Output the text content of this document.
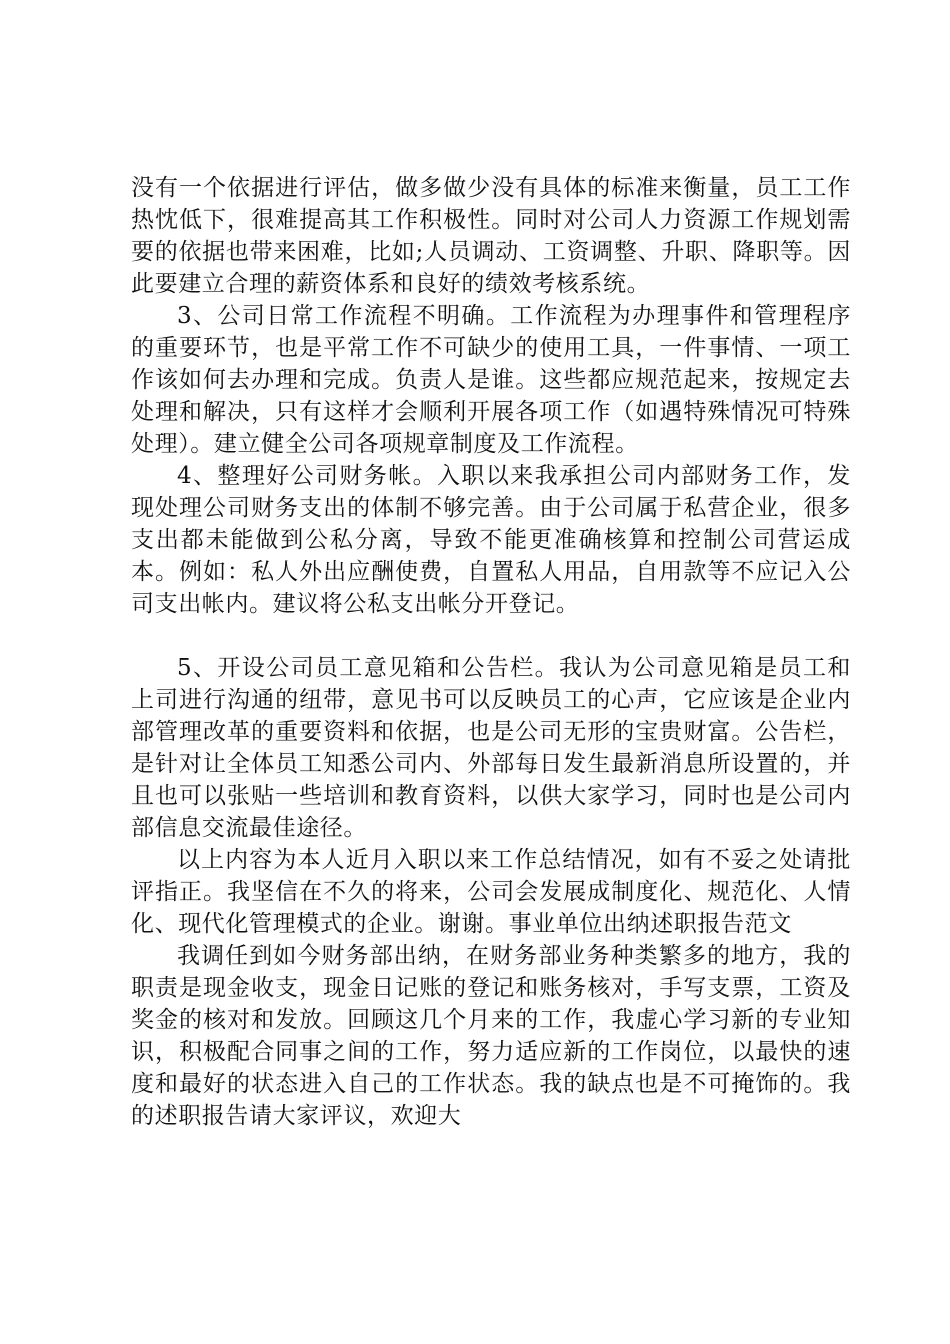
没有一个依据进行评估，做多做少没有具体的标准来衡量，员工工作热忱低下，很难提高其工作积极性。同时对公司人力资源工作规划需要的依据也带来困难，比如;人员调动、工资调整、升职、降职等。因此要建立合理的薪资体系和良好的绩效考核系统。

3、公司日常工作流程不明确。工作流程为办理事件和管理程序的重要环节，也是平常工作不可缺少的使用工具，一件事情、一项工作该如何去办理和完成。负责人是谁。这些都应规范起来，按规定去处理和解决，只有这样才会顺利开展各项工作（如遇特殊情况可特殊处理）。建立健全公司各项规章制度及工作流程。

4、整理好公司财务帐。入职以来我承担公司内部财务工作，发现处理公司财务支出的体制不够完善。由于公司属于私营企业，很多支出都未能做到公私分离，导致不能更准确核算和控制公司营运成本。例如：私人外出应酬使费，自置私人用品，自用款等不应记入公司支出帐内。建议将公私支出帐分开登记。

5、开设公司员工意见箱和公告栏。我认为公司意见箱是员工和上司进行沟通的纽带，意见书可以反映员工的心声，它应该是企业内部管理改革的重要资料和依据，也是公司无形的宝贵财富。公告栏，是针对让全体员工知悉公司内、外部每日发生最新消息所设置的，并且也可以张贴一些培训和教育资料，以供大家学习，同时也是公司内部信息交流最佳途径。

以上内容为本人近月入职以来工作总结情况，如有不妥之处请批评指正。我坚信在不久的将来，公司会发展成制度化、规范化、人情化、现代化管理模式的企业。谢谢。事业单位出纳述职报告范文

我调任到如今财务部出纳，在财务部业务种类繁多的地方，我的职责是现金收支，现金日记账的登记和账务核对，手写支票，工资及奖金的核对和发放。回顾这几个月来的工作，我虚心学习新的专业知识，积极配合同事之间的工作，努力适应新的工作岗位，以最快的速度和最好的状态进入自己的工作状态。我的缺点也是不可掩饰的。我的述职报告请大家评议，欢迎大
